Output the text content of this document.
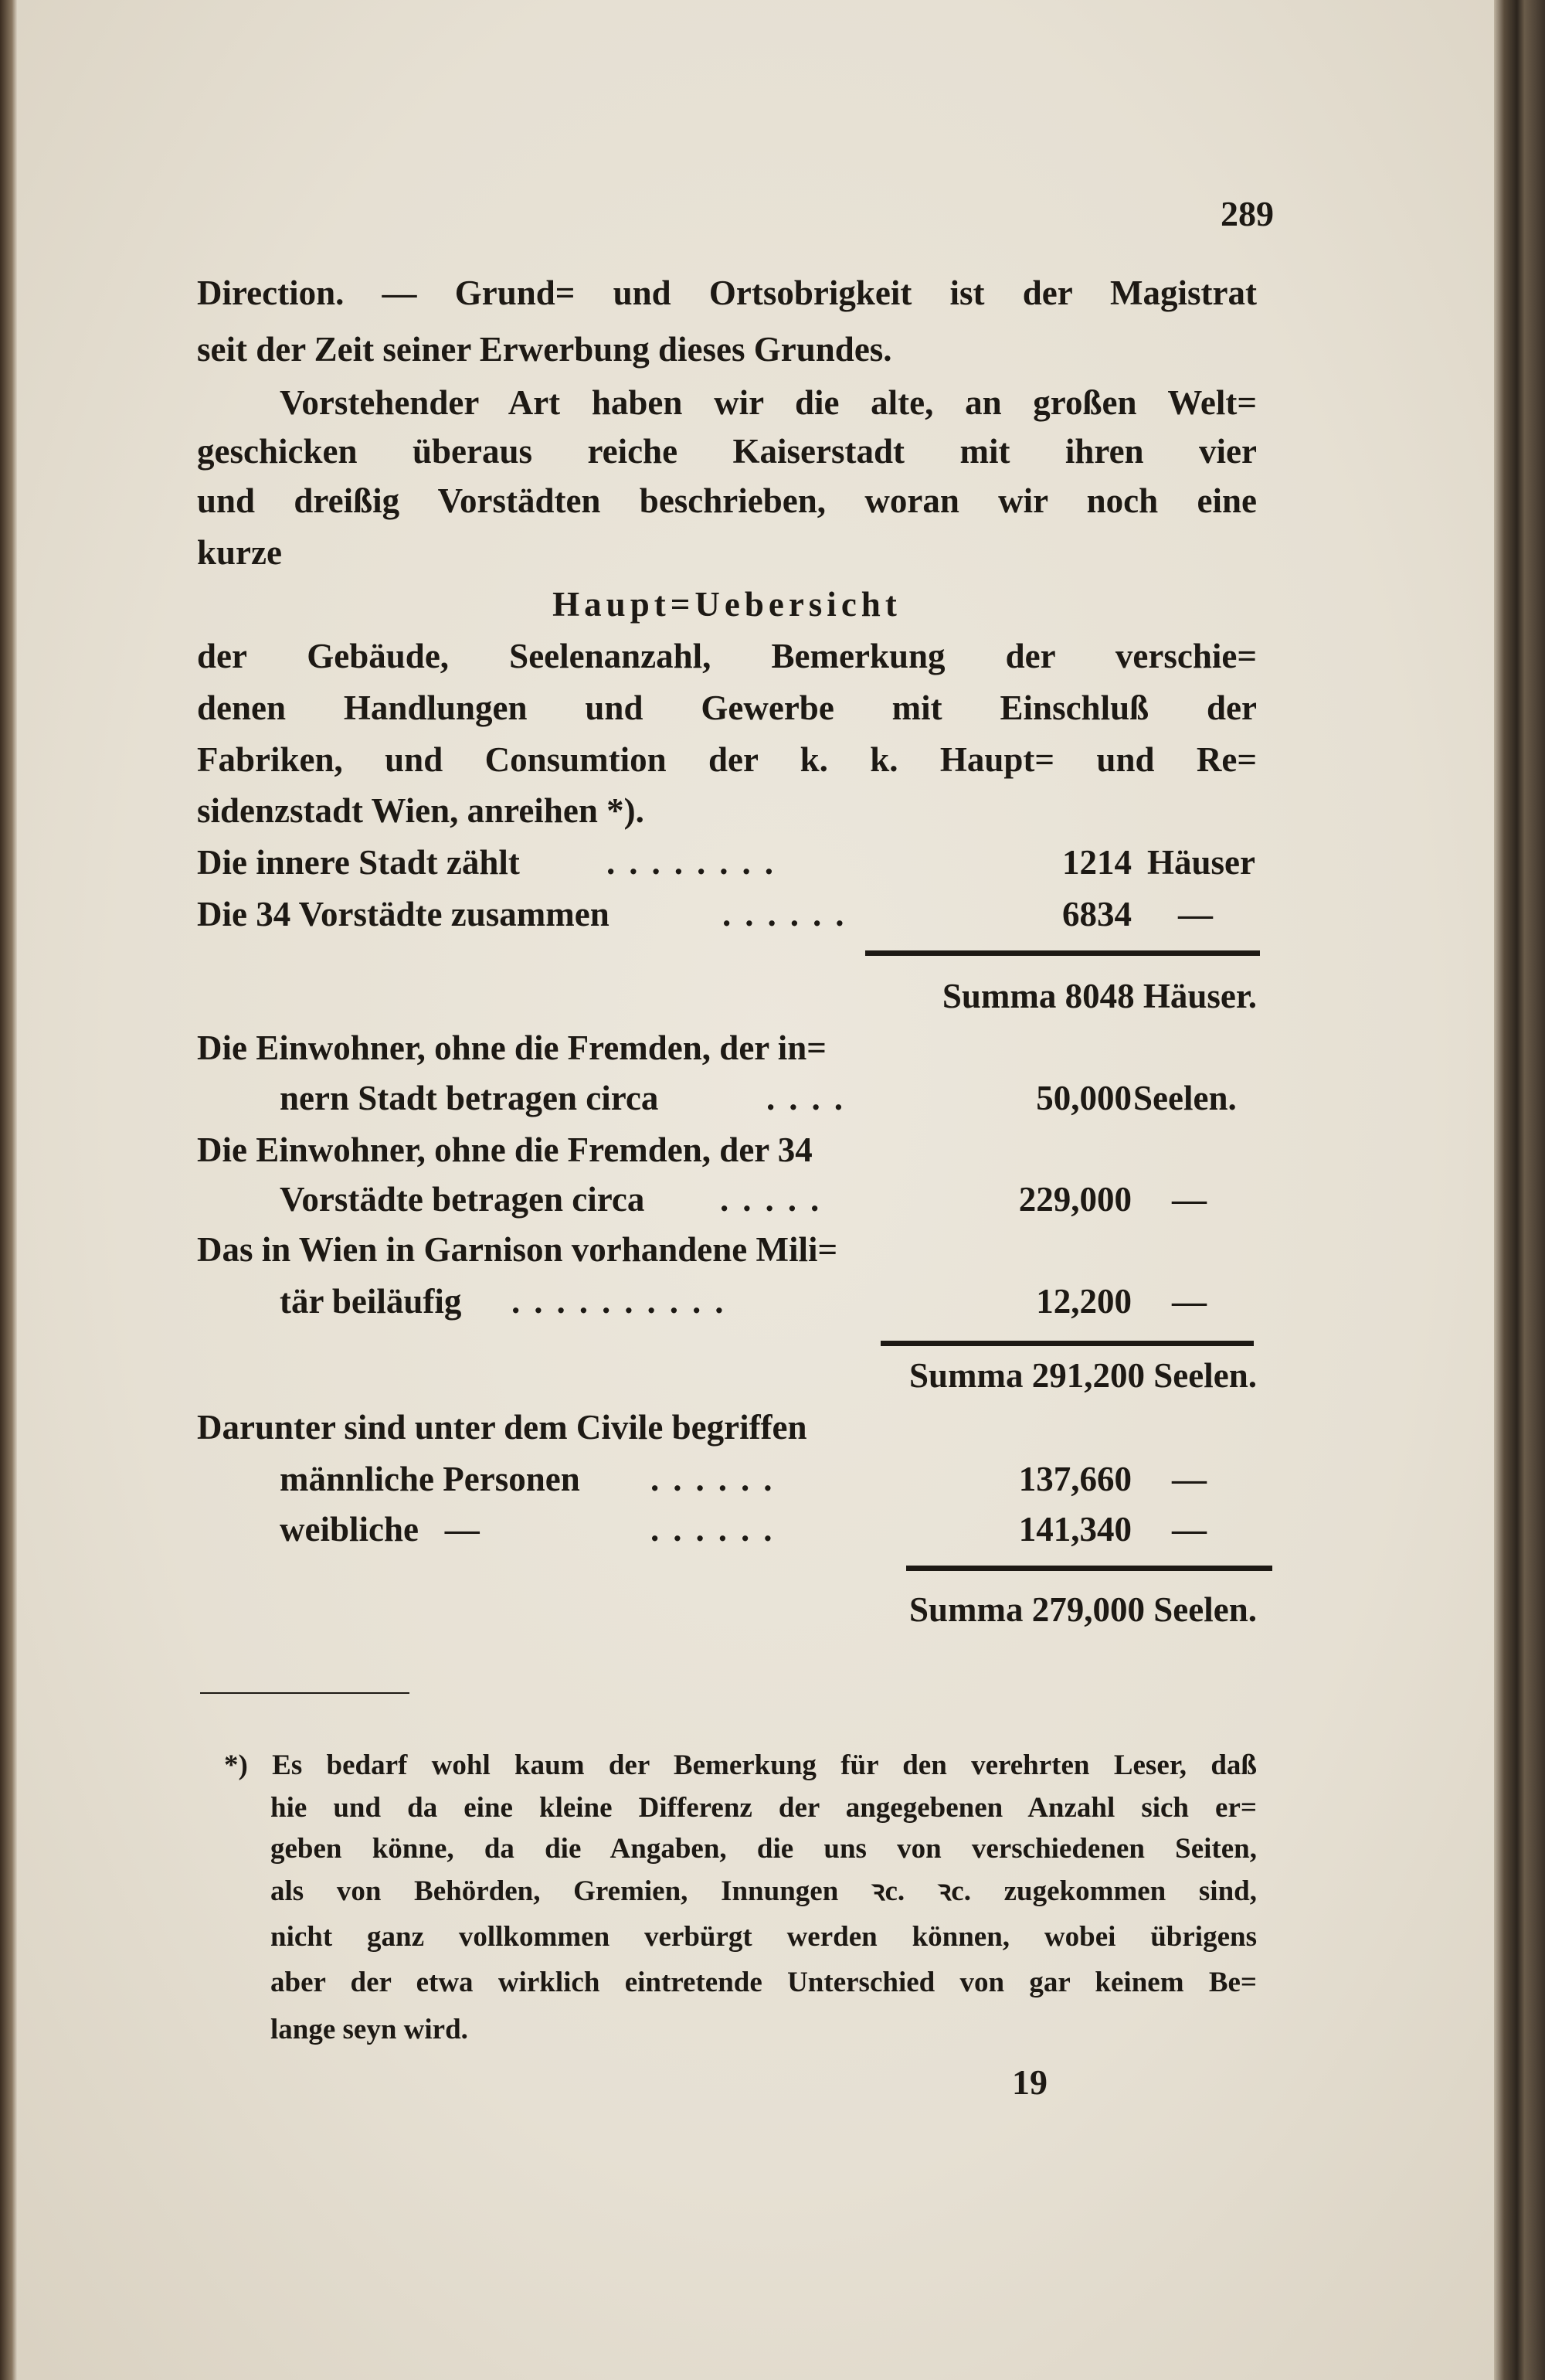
289
Direction. — Grund= und Ortsobrigkeit ist der Magistrat
seit der Zeit seiner Erwerbung dieses Grundes.
Vorstehender Art haben wir die alte, an großen Welt=
geschicken überaus reiche Kaiserstadt mit ihren vier
und dreißig Vorstädten beschrieben, woran wir noch eine
kurze
Haupt=Uebersicht
der Gebäude, Seelenanzahl, Bemerkung der verschie=
denen Handlungen und Gewerbe mit Einschluß der
Fabriken, und Consumtion der k. k. Haupt= und Re=
sidenzstadt Wien, anreihen *).
Die innere Stadt zählt ........	1214 Häuser
Die 34 Vorstädte zusammen	......	6834 —
Summa 8048 Häuser.
Die Einwohner, ohne die Fremden, der in=
nern Stadt betragen circa	....	50,000 Seelen.
Die Einwohner, ohne die Fremden, der 34
Vorstädte betragen circa .....	229,000 —
Das in Wien in Garnison vorhandene Mili=
tär beiläufig ..........	12,200 —
Summa 291,200 Seelen.
Darunter sind unter dem Civile begriffen
männliche Personen ......	137,660 —
weibliche   —	......	141,340 —
Summa 279,000 Seelen.
*) Es bedarf wohl kaum der Bemerkung für den verehrten Leser, daß
hie und da eine kleine Differenz der angegebenen Anzahl sich er=
geben könne, da die Angaben, die uns von verschiedenen Seiten,
als von Behörden, Gremien, Innungen ꝛc. ꝛc. zugekommen sind,
nicht ganz vollkommen verbürgt werden können, wobei übrigens
aber der etwa wirklich eintretende Unterschied von gar keinem Be=
lange seyn wird.
19
